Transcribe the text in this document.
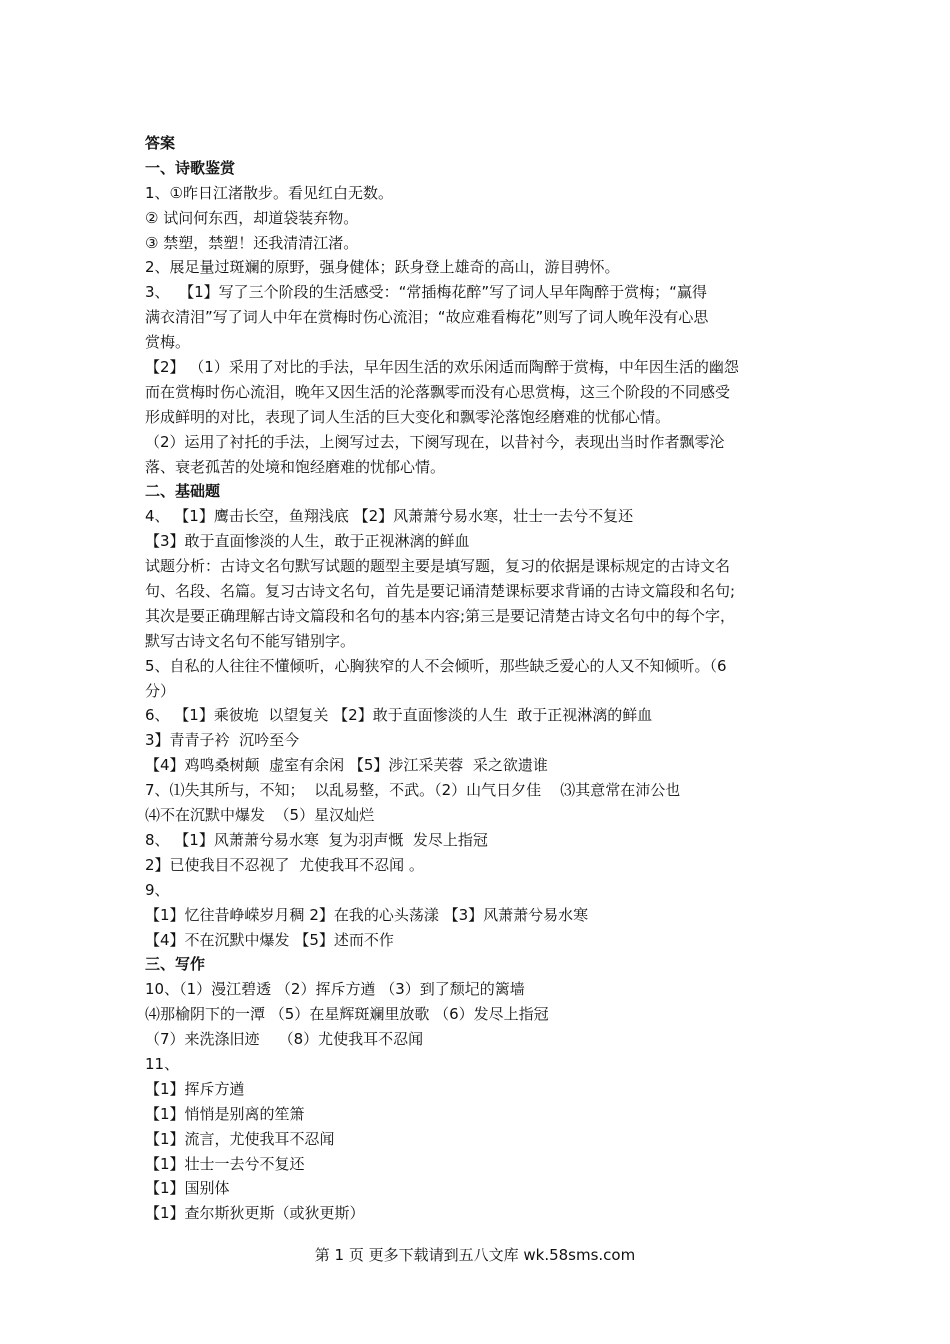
答案
一、诗歌鉴赏
1、①昨日江渚散步。看见红白无数。
② 试问何东西，却道袋装弃物。
③ 禁塑，禁塑！还我清清江渚。
2、展足量过斑斓的原野，强身健体；跃身登上雄奇的高山，游目骋怀。
3、  【1】写了三个阶段的生活感受：“常插梅花醉”写了词人早年陶醉于赏梅；“赢得
满衣清泪”写了词人中年在赏梅时伤心流泪；“故应难看梅花”则写了词人晚年没有心思
赏梅。
【2】 （1）采用了对比的手法，早年因生活的欢乐闲适而陶醉于赏梅，中年因生活的幽怨
而在赏梅时伤心流泪，晚年又因生活的沦落飘零而没有心思赏梅，这三个阶段的不同感受
形成鲜明的对比，表现了词人生活的巨大变化和飘零沦落饱经磨难的忧郁心情。
（2）运用了衬托的手法，上阕写过去，下阕写现在，以昔衬今，表现出当时作者飘零沦
落、衰老孤苦的处境和饱经磨难的忧郁心情。
二、基础题
4、 【1】鹰击长空，鱼翔浅底 【2】风萧萧兮易水寒，壮士一去兮不复还
【3】敢于直面惨淡的人生，敢于正视淋漓的鲜血
试题分析：古诗文名句默写试题的题型主要是填写题，复习的依据是课标规定的古诗文名
句、名段、名篇。复习古诗文名句，首先是要记诵清楚课标要求背诵的古诗文篇段和名句;
其次是要正确理解古诗文篇段和名句的基本内容;第三是要记清楚古诗文名句中的每个字，
默写古诗文名句不能写错别字。
5、自私的人往往不懂倾听，心胸狭窄的人不会倾听，那些缺乏爱心的人又不知倾听。（6
分）
6、 【1】乘彼垝  以望复关 【2】敢于直面惨淡的人生  敢于正视淋漓的鲜血
3】青青子衿  沉吟至今
【4】鸡鸣桑树颠  虚室有余闲 【5】涉江采芙蓉  采之欲遗谁
7、⑴失其所与，不知；  以乱易整，不武。（2）山气日夕佳    ⑶其意常在沛公也
⑷不在沉默中爆发  （5）星汉灿烂
8、 【1】风萧萧兮易水寒  复为羽声慨  发尽上指冠
2】已使我目不忍视了  尤使我耳不忍闻 。
9、
【1】忆往昔峥嵘岁月稠 2】在我的心头荡漾 【3】风萧萧兮易水寒
【4】不在沉默中爆发 【5】述而不作
三、写作
10、（1）漫江碧透 （2）挥斥方遒 （3）到了颓圮的篱墙
⑷那榆阴下的一潭 （5）在星辉斑斓里放歌 （6）发尽上指冠
（7）来洗涤旧迹    （8）尤使我耳不忍闻
11、
【1】挥斥方遒
【1】悄悄是别离的笙箫
【1】流言，尤使我耳不忍闻
【1】壮士一去兮不复还
【1】国别体
【1】查尔斯狄更斯（或狄更斯）
第 1 页 更多下载请到五八文库 wk.58sms.com
